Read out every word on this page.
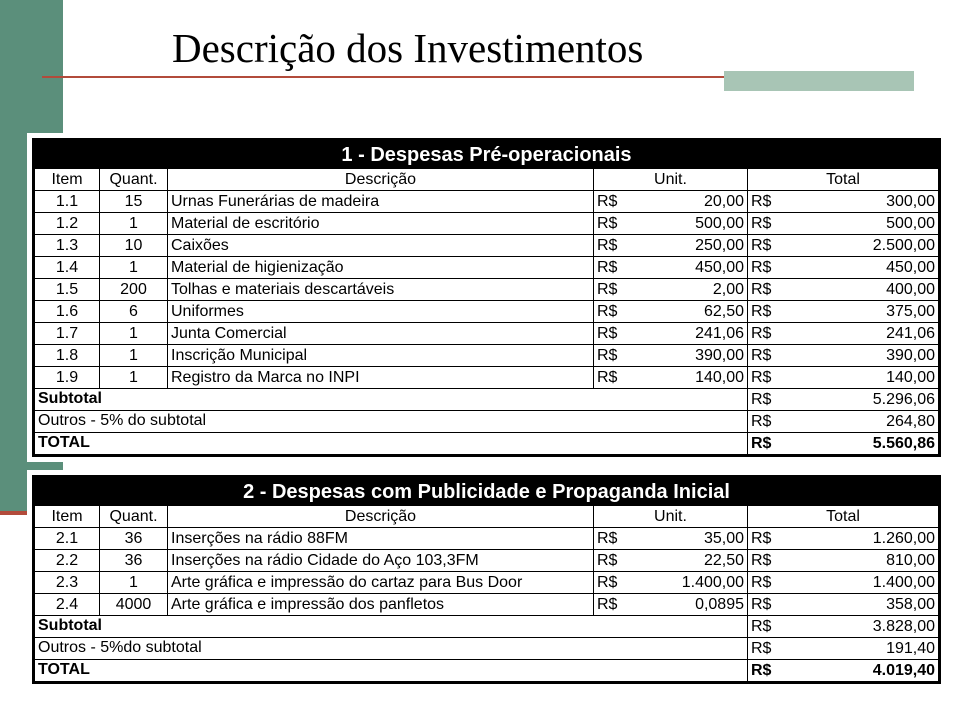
Descrição dos Investimentos
1 - Despesas Pré-operacionais						
Item	Quant.	Descrição	Unit.		Total	
1.1	15	Urnas Funerárias de madeira	R$	20,00	R$	300,00
1.2	1	Material de escritório	R$	500,00	R$	500,00
1.3	10	Caixões	R$	250,00	R$	2.500,00
1.4	1	Material de higienização	R$	450,00	R$	450,00
1.5	200	Tolhas e materiais descartáveis	R$	2,00	R$	400,00
1.6	6	Uniformes	R$	62,50	R$	375,00
1.7	1	Junta Comercial	R$	241,06	R$	241,06
1.8	1	Inscrição Municipal	R$	390,00	R$	390,00
1.9	1	Registro da Marca no INPI	R$	140,00	R$	140,00
Subtotal					R$	5.296,06
Outros - 5% do subtotal					R$	264,80
TOTAL					R$	5.560,86
2 - Despesas com Publicidade e Propaganda Inicial						
Item	Quant.	Descrição	Unit.		Total	
2.1	36	Inserções na rádio 88FM	R$	35,00	R$	1.260,00
2.2	36	Inserções na rádio Cidade do Aço 103,3FM	R$	22,50	R$	810,00
2.3	1	Arte gráfica e impressão do cartaz para Bus Door	R$	1.400,00	R$	1.400,00
2.4	4000	Arte gráfica e impressão dos panfletos	R$	0,0895	R$	358,00
Subtotal					R$	3.828,00
Outros - 5%do subtotal					R$	191,40
TOTAL					R$	4.019,40
